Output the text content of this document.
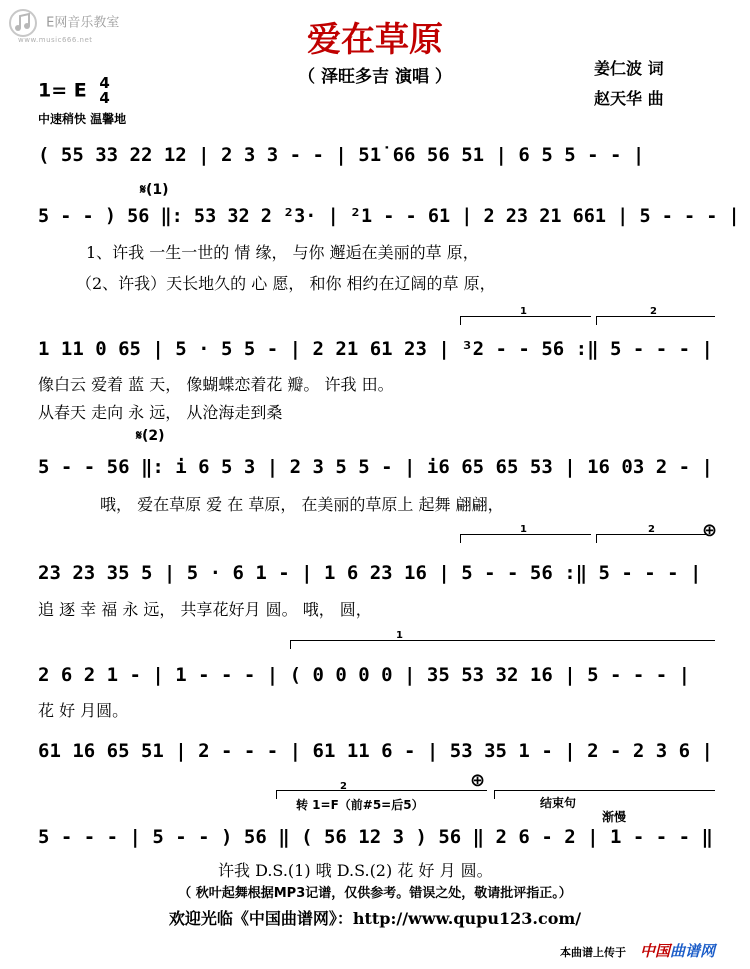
E网音乐教室
www.music666.net	爱在草原
（ 泽旺多吉 演唱 ）	姜仁波 词
赵天华 曲
1= E 4
4
中速稍快 温馨地
( 55 33 22 12 | 2 3 3 - - | 51̇ 66 56 51 | 6 5 5 - - |
𝄋(1)
5 - - ) 56 ‖: 53 32 2 ²3· | ²1 - - 61 | 2 23 21 661 | 5 - - - |
1、许我 一生一世的 情 缘， 与你 邂逅在美丽的草 原，
（2、许我）天长地久的 心 愿， 和你 相约在辽阔的草 原，
1	2
1 11 0 65 | 5 · 5 5 - | 2 21 61 23 | ³2 - - 56 :‖ 5 - - - |
像白云 爱着 蓝 天， 像蝴蝶恋着花 瓣。 许我 田。
从春天 走向 永 远， 从沧海走到桑
𝄋(2)
5 - - 56 ‖: i 6 5 3 | 2 3 5 5 - | i6 65 65 53 | 16 03 2 - |
哦， 爱在草原 爱 在 草原， 在美丽的草原上 起舞 翩翩，
1	2	⊕
23 23 35 5 | 5 · 6 1 - | 1 6 23 16 | 5 - - 56 :‖ 5 - - - |
追 逐 幸 福 永 远， 共享花好月 圆。 哦， 圆，
1
2 6 2 1 - | 1 - - - | ( 0 0 0 0 | 35 53 32 16 | 5 - - - |
花 好 月圆。
61 16 65 51 | 2 - - - | 61 11 6 - | 53 35 1 - | 2 - 2 3 6 |
⊕
2
转 1=F（前#5=后5）	结束句
渐慢
5 - - - | 5 - - ) 56 ‖ ( 56 12 3 ) 56 ‖ 2 6 - 2 | 1 - - - ‖
许我 D.S.(1) 哦 D.S.(2) 花 好 月 圆。
（ 秋叶起舞根据MP3记谱，仅供参考。错误之处，敬请批评指正。）
欢迎光临《中国曲谱网》：http://www.qupu123.com/
本曲谱上传于 中国曲谱网
